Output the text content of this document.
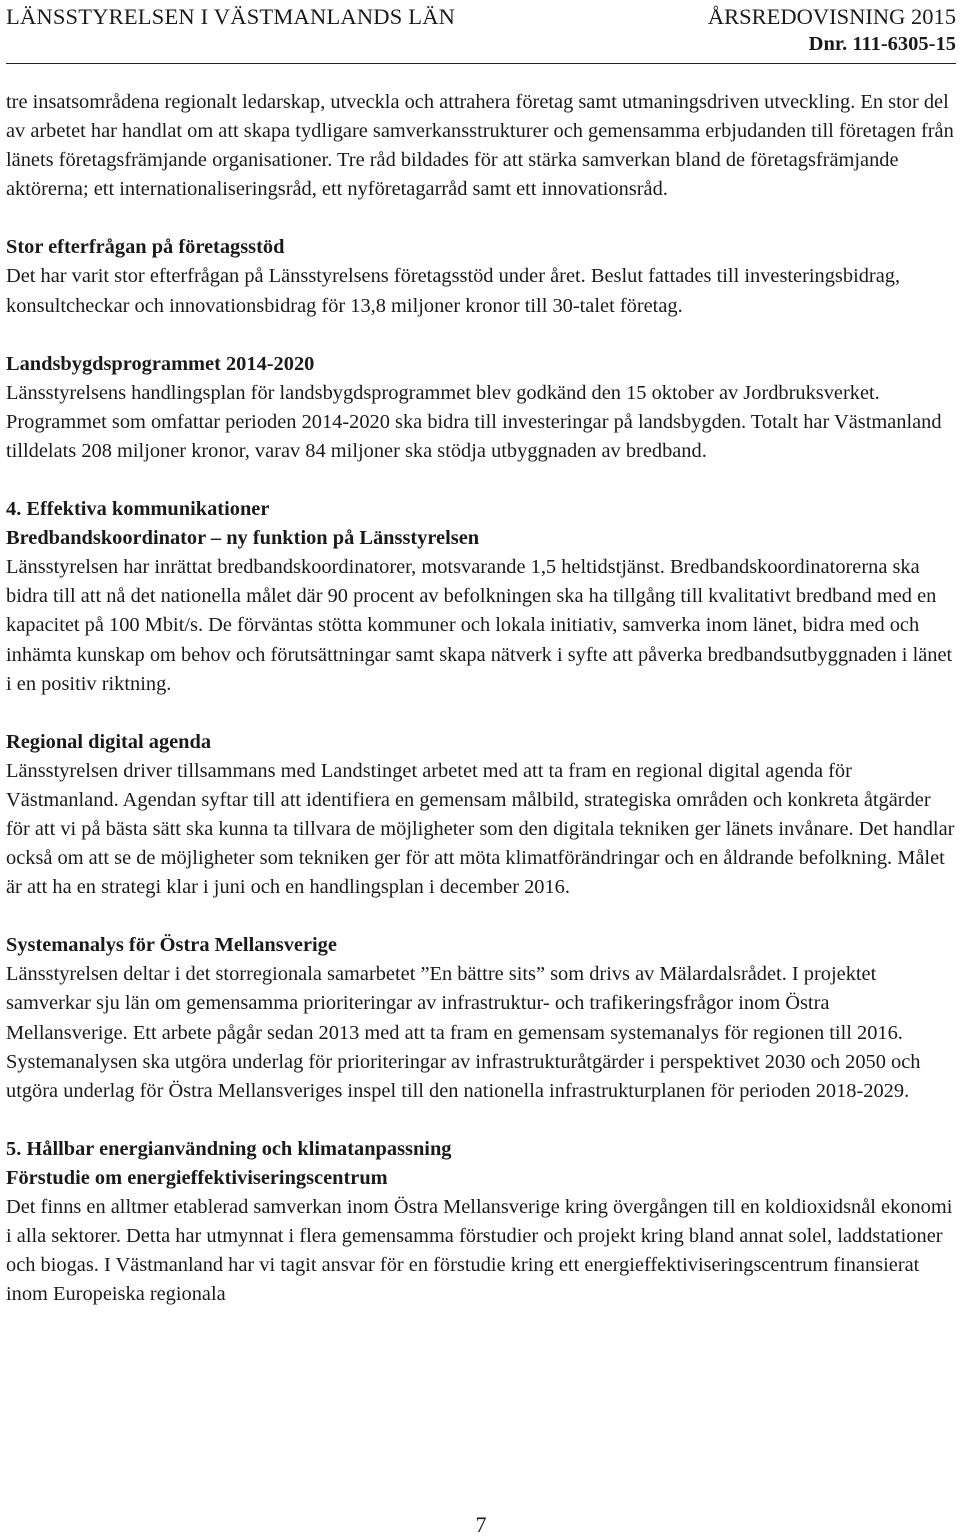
LÄNSSTYRELSEN I VÄSTMANLANDS LÄN	ÅRSREDOVISNING 2015
Dnr. 111-6305-15

tre insatsområdena regionalt ledarskap, utveckla och attrahera företag samt utmaningsdriven utveckling. En stor del av arbetet har handlat om att skapa tydligare samverkansstrukturer och gemensamma erbjudanden till företagen från länets företagsfrämjande organisationer. Tre råd bildades för att stärka samverkan bland de företagsfrämjande aktörerna; ett internationaliseringsråd, ett nyföretagarråd samt ett innovationsråd.

Stor efterfrågan på företagsstöd

Det har varit stor efterfrågan på Länsstyrelsens företagsstöd under året. Beslut fattades till investeringsbidrag, konsultcheckar och innovationsbidrag för 13,8 miljoner kronor till 30-talet företag.

Landsbygdsprogrammet 2014-2020

Länsstyrelsens handlingsplan för landsbygdsprogrammet blev godkänd den 15 oktober av Jordbruksverket. Programmet som omfattar perioden 2014-2020 ska bidra till investeringar på landsbygden. Totalt har Västmanland tilldelats 208 miljoner kronor, varav 84 miljoner ska stödja utbyggnaden av bredband.

4. Effektiva kommunikationer

Bredbandskoordinator – ny funktion på Länsstyrelsen

Länsstyrelsen har inrättat bredbandskoordinatorer, motsvarande 1,5 heltidstjänst. Bredbandskoordinatorerna ska bidra till att nå det nationella målet där 90 procent av befolkningen ska ha tillgång till kvalitativt bredband med en kapacitet på 100 Mbit/s. De förväntas stötta kommuner och lokala initiativ, samverka inom länet, bidra med och inhämta kunskap om behov och förutsättningar samt skapa nätverk i syfte att påverka bredbandsutbyggnaden i länet i en positiv riktning.

Regional digital agenda

Länsstyrelsen driver tillsammans med Landstinget arbetet med att ta fram en regional digital agenda för Västmanland. Agendan syftar till att identifiera en gemensam målbild, strategiska områden och konkreta åtgärder för att vi på bästa sätt ska kunna ta tillvara de möjligheter som den digitala tekniken ger länets invånare. Det handlar också om att se de möjligheter som tekniken ger för att möta klimatförändringar och en åldrande befolkning. Målet är att ha en strategi klar i juni och en handlingsplan i december 2016.

Systemanalys för Östra Mellansverige

Länsstyrelsen deltar i det storregionala samarbetet ”En bättre sits” som drivs av Mälardalsrådet. I projektet samverkar sju län om gemensamma prioriteringar av infrastruktur- och trafikeringsfrågor inom Östra Mellansverige. Ett arbete pågår sedan 2013 med att ta fram en gemensam systemanalys för regionen till 2016. Systemanalysen ska utgöra underlag för prioriteringar av infrastrukturåtgärder i perspektivet 2030 och 2050 och utgöra underlag för Östra Mellansveriges inspel till den nationella infrastrukturplanen för perioden 2018-2029.

5. Hållbar energianvändning och klimatanpassning

Förstudie om energieffektiviseringscentrum

Det finns en alltmer etablerad samverkan inom Östra Mellansverige kring övergången till en koldioxidsnål ekonomi i alla sektorer. Detta har utmynnat i flera gemensamma förstudier och projekt kring bland annat solel, laddstationer och biogas. I Västmanland har vi tagit ansvar för en förstudie kring ett energieffektiviseringscentrum finansierat inom Europeiska regionala

7
